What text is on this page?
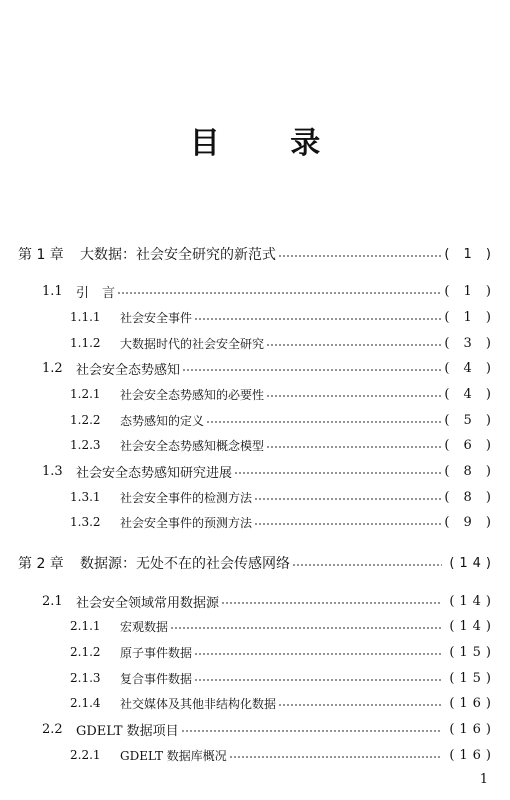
目 录
第 1 章	大数据：社会安全研究的新范式	( 1 )
1.1	引　言	( 1 )
1.1.1	社会安全事件	( 1 )
1.1.2	大数据时代的社会安全研究	( 3 )
1.2	社会安全态势感知	( 4 )
1.2.1	社会安全态势感知的必要性	( 4 )
1.2.2	态势感知的定义	( 5 )
1.2.3	社会安全态势感知概念模型	( 6 )
1.3	社会安全态势感知研究进展	( 8 )
1.3.1	社会安全事件的检测方法	( 8 )
1.3.2	社会安全事件的预测方法	( 9 )
第 2 章	数据源：无处不在的社会传感网络	(14)
2.1	社会安全领域常用数据源	(14)
2.1.1	宏观数据	(14)
2.1.2	原子事件数据	(15)
2.1.3	复合事件数据	(15)
2.1.4	社交媒体及其他非结构化数据	(16)
2.2	GDELT 数据项目	(16)
2.2.1	GDELT 数据库概况	(16)
1
